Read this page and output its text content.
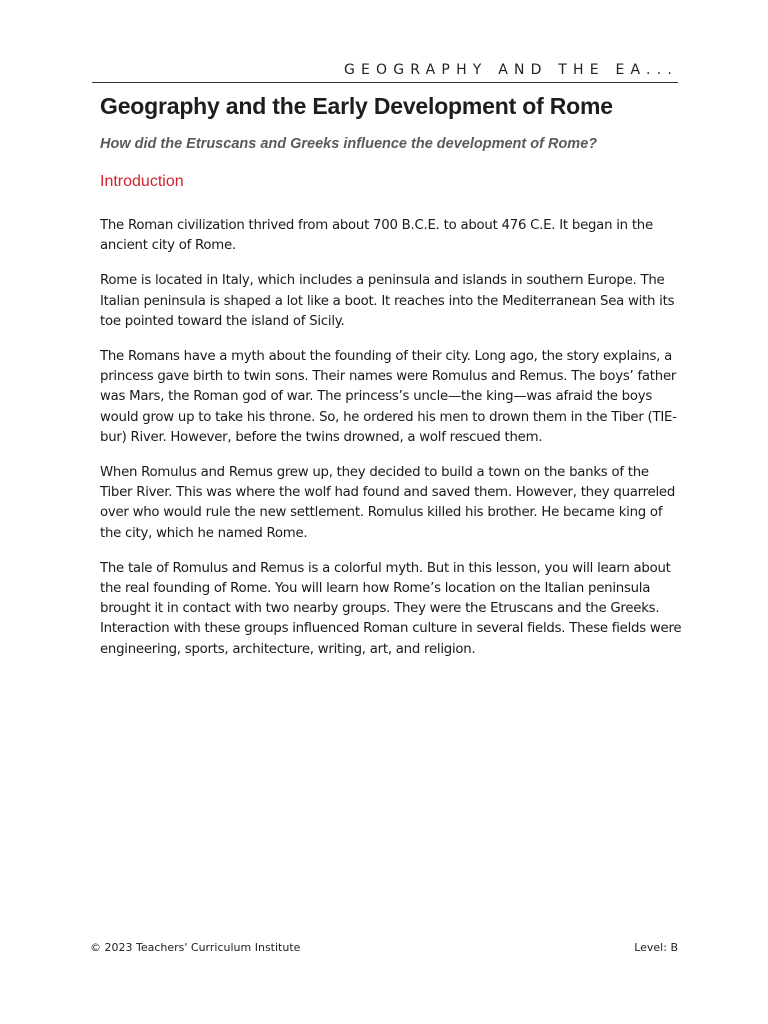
GEOGRAPHY AND THE EA...
Geography and the Early Development of Rome
How did the Etruscans and Greeks influence the development of Rome?
Introduction

The Roman civilization thrived from about 700 B.C.E. to about 476 C.E. It began in the ancient city of Rome.

Rome is located in Italy, which includes a peninsula and islands in southern Europe. The Italian peninsula is shaped a lot like a boot. It reaches into the Mediterranean Sea with its toe pointed toward the island of Sicily.

The Romans have a myth about the founding of their city. Long ago, the story explains, a princess gave birth to twin sons. Their names were Romulus and Remus. The boys’ father was Mars, the Roman god of war. The princess’s uncle—the king—was afraid the boys would grow up to take his throne. So, he ordered his men to drown them in the Tiber (TIE-bur) River. However, before the twins drowned, a wolf rescued them.

When Romulus and Remus grew up, they decided to build a town on the banks of the Tiber River. This was where the wolf had found and saved them. However, they quarreled over who would rule the new settlement. Romulus killed his brother. He became king of the city, which he named Rome.

The tale of Romulus and Remus is a colorful myth. But in this lesson, you will learn about the real founding of Rome. You will learn how Rome’s location on the Italian peninsula brought it in contact with two nearby groups. They were the Etruscans and the Greeks. Interaction with these groups influenced Roman culture in several fields. These fields were engineering, sports, architecture, writing, art, and religion.

© 2023 Teachers' Curriculum Institute	Level: B
